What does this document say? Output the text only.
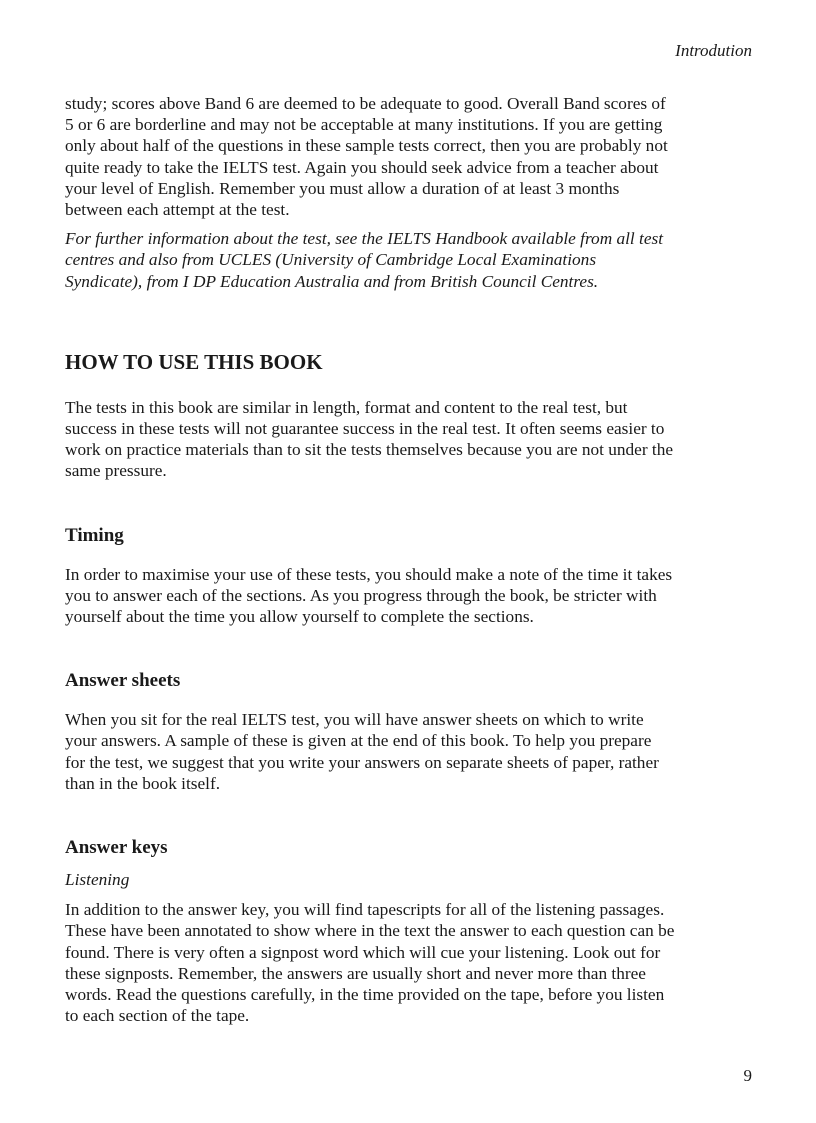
Introdution

study; scores above Band 6 are deemed to be adequate to good. Overall Band scores of 5 or 6 are borderline and may not be acceptable at many institutions. If you are getting only about half of the questions in these sample tests correct, then you are probably not quite ready to take the IELTS test. Again you should seek advice from a teacher about your level of English. Remember you must allow a duration of at least 3 months between each attempt at the test.

For further information about the test, see the IELTS Handbook available from all test centres and also from UCLES (University of Cambridge Local Examinations Syndicate), from I DP Education Australia and from British Council Centres.

HOW TO USE THIS BOOK

The tests in this book are similar in length, format and content to the real test, but success in these tests will not guarantee success in the real test. It often seems easier to work on practice materials than to sit the tests themselves because you are not under the same pressure.

Timing

In order to maximise your use of these tests, you should make a note of the time it takes you to answer each of the sections. As you progress through the book, be stricter with yourself about the time you allow yourself to complete the sections.

Answer sheets

When you sit for the real IELTS test, you will have answer sheets on which to write your answers. A sample of these is given at the end of this book. To help you prepare for the test, we suggest that you write your answers on separate sheets of paper, rather than in the book itself.

Answer keys

Listening

In addition to the answer key, you will find tapescripts for all of the listening passages. These have been annotated to show where in the text the answer to each question can be found. There is very often a signpost word which will cue your listening. Look out for these signposts. Remember, the answers are usually short and never more than three words. Read the questions carefully, in the time provided on the tape, before you listen to each section of the tape.

9
